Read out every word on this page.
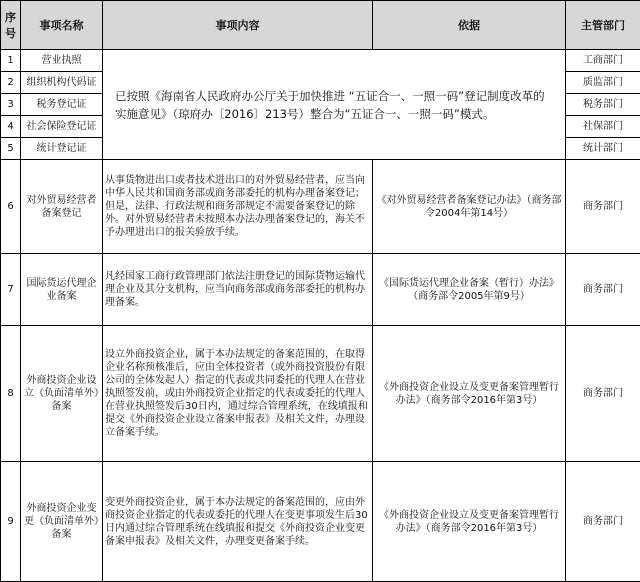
序号	事项名称	事项内容	依据	主管部门
1	营业执照	已按照《海南省人民政府办公厅关于加快推进 “五证合一、一照一码”登记制度改革的实施意见》（琼府办〔2016〕213号）整合为“五证合一、一照一码”模式。		工商部门
2	组织机构代码证			质监部门
3	税务登记证			税务部门
4	社会保险登记证			社保部门
5	统计登记证			统计部门
6	对外贸易经营者备案登记	从事货物进出口或者技术进出口的对外贸易经营者，应当向中华人民共和国商务部或商务部委托的机构办理备案登记；但是，法律、行政法规和商务部规定不需要备案登记的除外。对外贸易经营者未按照本办法办理备案登记的，海关不予办理进出口的报关验放手续。	《对外贸易经营者备案登记办法》（商务部令2004年第14号）	商务部门
7	国际货运代理企业备案	凡经国家工商行政管理部门依法注册登记的国际货物运输代理企业及其分支机构，应当向商务部或商务部委托的机构办理备案。	《国际货运代理企业备案（暂行）办法》（商务部令2005年第9号）	商务部门
8	外商投资企业设立（负面清单外）备案	设立外商投资企业，属于本办法规定的备案范围的，在取得企业名称预核准后，应由全体投资者（或外商投资股份有限公司的全体发起人）指定的代表或共同委托的代理人在营业执照签发前，或由外商投资企业指定的代表或委托的代理人在营业执照签发后30日内，通过综合管理系统，在线填报和提交《外商投资企业设立备案申报表》及相关文件，办理设立备案手续。	《外商投资企业设立及变更备案管理暂行办法》（商务部令2016年第3号）	商务部门
9	外商投资企业变更（负面清单外）备案	变更外商投资企业，属于本办法规定的备案范围的，应由外商投资企业指定的代表或委托的代理人在变更事项发生后30日内通过综合管理系统在线填报和提交《外商投资企业变更备案申报表》及相关文件，办理变更备案手续。	《外商投资企业设立及变更备案管理暂行办法》（商务部令2016年第3号）	商务部门
